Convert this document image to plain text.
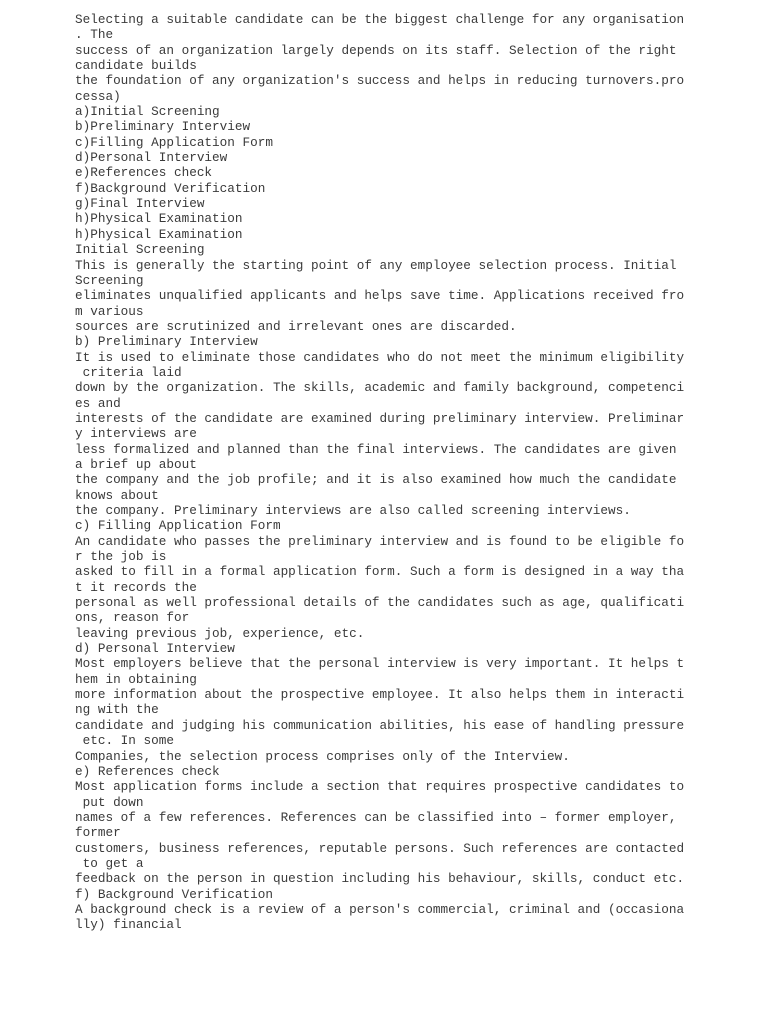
Selecting a suitable candidate can be the biggest challenge for any organisation
. The
success of an organization largely depends on its staff. Selection of the right
candidate builds
the foundation of any organization's success and helps in reducing turnovers.pro
cessa)
a)Initial Screening
b)Preliminary Interview
c)Filling Application Form
d)Personal Interview
e)References check
f)Background Verification
g)Final Interview
h)Physical Examination
h)Physical Examination
Initial Screening
This is generally the starting point of any employee selection process. Initial
Screening
eliminates unqualified applicants and helps save time. Applications received fro
m various
sources are scrutinized and irrelevant ones are discarded.
b) Preliminary Interview
It is used to eliminate those candidates who do not meet the minimum eligibility
criteria laid
down by the organization. The skills, academic and family background, competenci
es and
interests of the candidate are examined during preliminary interview. Preliminar
y interviews are
less formalized and planned than the final interviews. The candidates are given
a brief up about
the company and the job profile; and it is also examined how much the candidate
knows about
the company. Preliminary interviews are also called screening interviews.
c) Filling Application Form
An candidate who passes the preliminary interview and is found to be eligible fo
r the job is
asked to fill in a formal application form. Such a form is designed in a way tha
t it records the
personal as well professional details of the candidates such as age, qualificati
ons, reason for
leaving previous job, experience, etc.
d) Personal Interview
Most employers believe that the personal interview is very important. It helps t
hem in obtaining
more information about the prospective employee. It also helps them in interacti
ng with the
candidate and judging his communication abilities, his ease of handling pressure
etc. In some
Companies, the selection process comprises only of the Interview.
e) References check
Most application forms include a section that requires prospective candidates to
put down
names of a few references. References can be classified into – former employer,
former
customers, business references, reputable persons. Such references are contacted
to get a
feedback on the person in question including his behaviour, skills, conduct etc.
f) Background Verification
A background check is a review of a person's commercial, criminal and (occasiona
lly) financial
